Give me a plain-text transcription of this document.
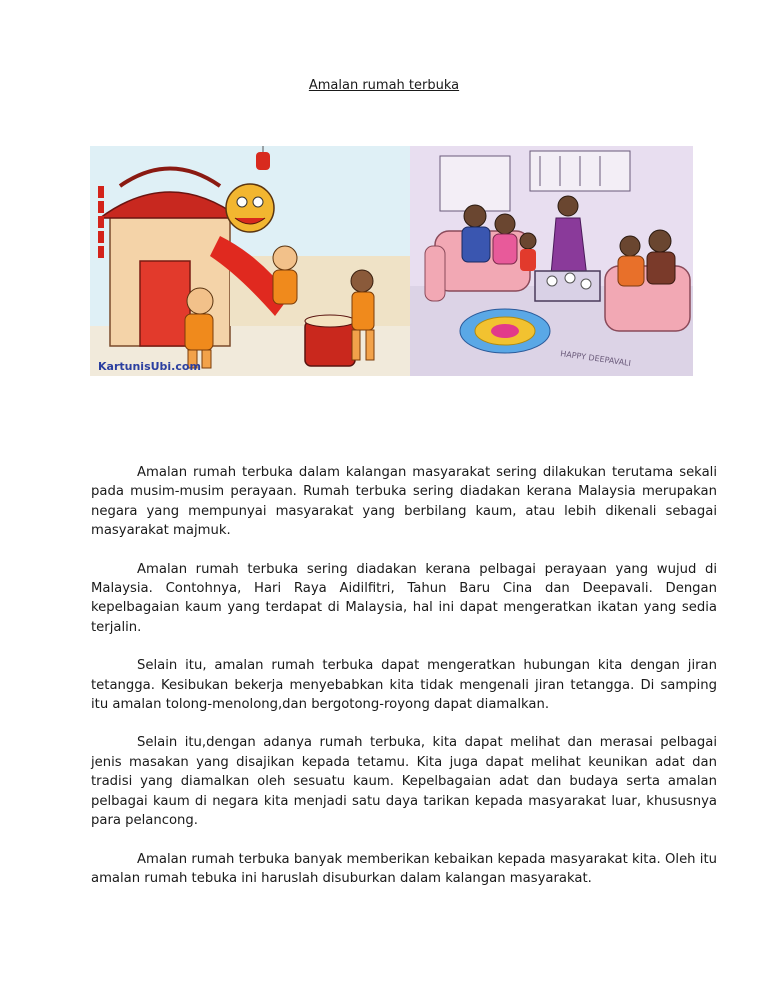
Amalan rumah terbuka
KartunisUbi.com	HAPPY DEEPAVALI

Amalan rumah terbuka dalam kalangan masyarakat sering dilakukan terutama sekali pada musim-musim perayaan. Rumah terbuka sering diadakan kerana Malaysia merupakan negara yang mempunyai masyarakat yang berbilang kaum, atau lebih dikenali sebagai masyarakat majmuk.

Amalan rumah terbuka sering diadakan kerana pelbagai perayaan yang wujud di Malaysia. Contohnya, Hari Raya Aidilfitri, Tahun Baru Cina dan Deepavali. Dengan kepelbagaian kaum yang terdapat di Malaysia, hal ini dapat mengeratkan ikatan yang sedia terjalin.

Selain itu, amalan rumah terbuka dapat mengeratkan hubungan kita dengan jiran tetangga. Kesibukan bekerja menyebabkan kita tidak mengenali jiran tetangga. Di samping itu amalan tolong-menolong,dan bergotong-royong dapat diamalkan.

Selain itu,dengan adanya rumah terbuka, kita dapat melihat dan merasai pelbagai jenis masakan yang disajikan kepada tetamu. Kita juga dapat melihat keunikan adat dan tradisi yang diamalkan oleh sesuatu kaum. Kepelbagaian adat dan budaya serta amalan pelbagai kaum di negara kita menjadi satu daya tarikan kepada masyarakat luar, khususnya para pelancong.

Amalan rumah terbuka banyak memberikan kebaikan kepada masyarakat kita. Oleh itu amalan rumah tebuka ini haruslah disuburkan dalam kalangan masyarakat.
